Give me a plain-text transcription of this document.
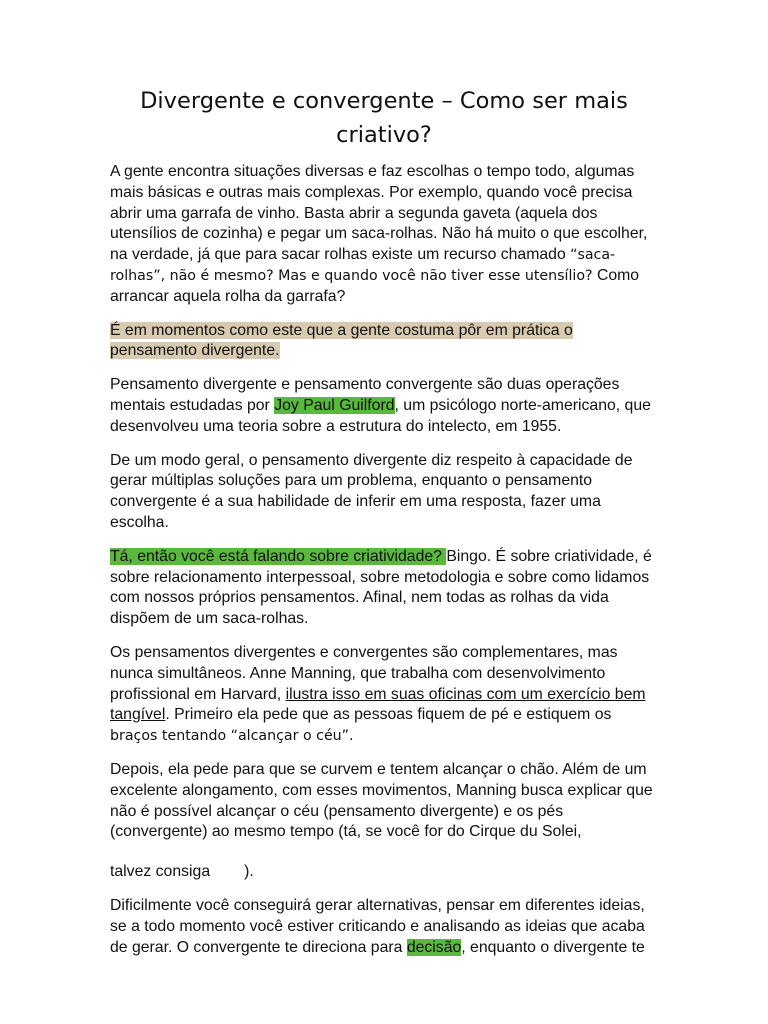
Divergente e convergente – Como ser mais criativo?

A gente encontra situações diversas e faz escolhas o tempo todo, algumas mais básicas e outras mais complexas. Por exemplo, quando você precisa abrir uma garrafa de vinho. Basta abrir a segunda gaveta (aquela dos utensílios de cozinha) e pegar um saca-rolhas. Não há muito o que escolher, na verdade, já que para sacar rolhas existe um recurso chamado “saca-rolhas”, não é mesmo? Mas e quando você não tiver esse utensílio? Como arrancar aquela rolha da garrafa?

É em momentos como este que a gente costuma pôr em prática o pensamento divergente.

Pensamento divergente e pensamento convergente são duas operações mentais estudadas por Joy Paul Guilford, um psicólogo norte-americano, que desenvolveu uma teoria sobre a estrutura do intelecto, em 1955.

De um modo geral, o pensamento divergente diz respeito à capacidade de gerar múltiplas soluções para um problema, enquanto o pensamento convergente é a sua habilidade de inferir em uma resposta, fazer uma escolha.

Tá, então você está falando sobre criatividade? Bingo. É sobre criatividade, é sobre relacionamento interpessoal, sobre metodologia e sobre como lidamos com nossos próprios pensamentos. Afinal, nem todas as rolhas da vida dispõem de um saca-rolhas.

Os pensamentos divergentes e convergentes são complementares, mas nunca simultâneos. Anne Manning, que trabalha com desenvolvimento profissional em Harvard, ilustra isso em suas oficinas com um exercício bem tangível. Primeiro ela pede que as pessoas fiquem de pé e estiquem os braços tentando “alcançar o céu”.

Depois, ela pede para que se curvem e tentem alcançar o chão. Além de um excelente alongamento, com esses movimentos, Manning busca explicar que não é possível alcançar o céu (pensamento divergente) e os pés (convergente) ao mesmo tempo (tá, se você for do Cirque du Solei,

talvez consiga ).

Dificilmente você conseguirá gerar alternativas, pensar em diferentes ideias, se a todo momento você estiver criticando e analisando as ideias que acaba de gerar. O convergente te direciona para decisão, enquanto o divergente te
